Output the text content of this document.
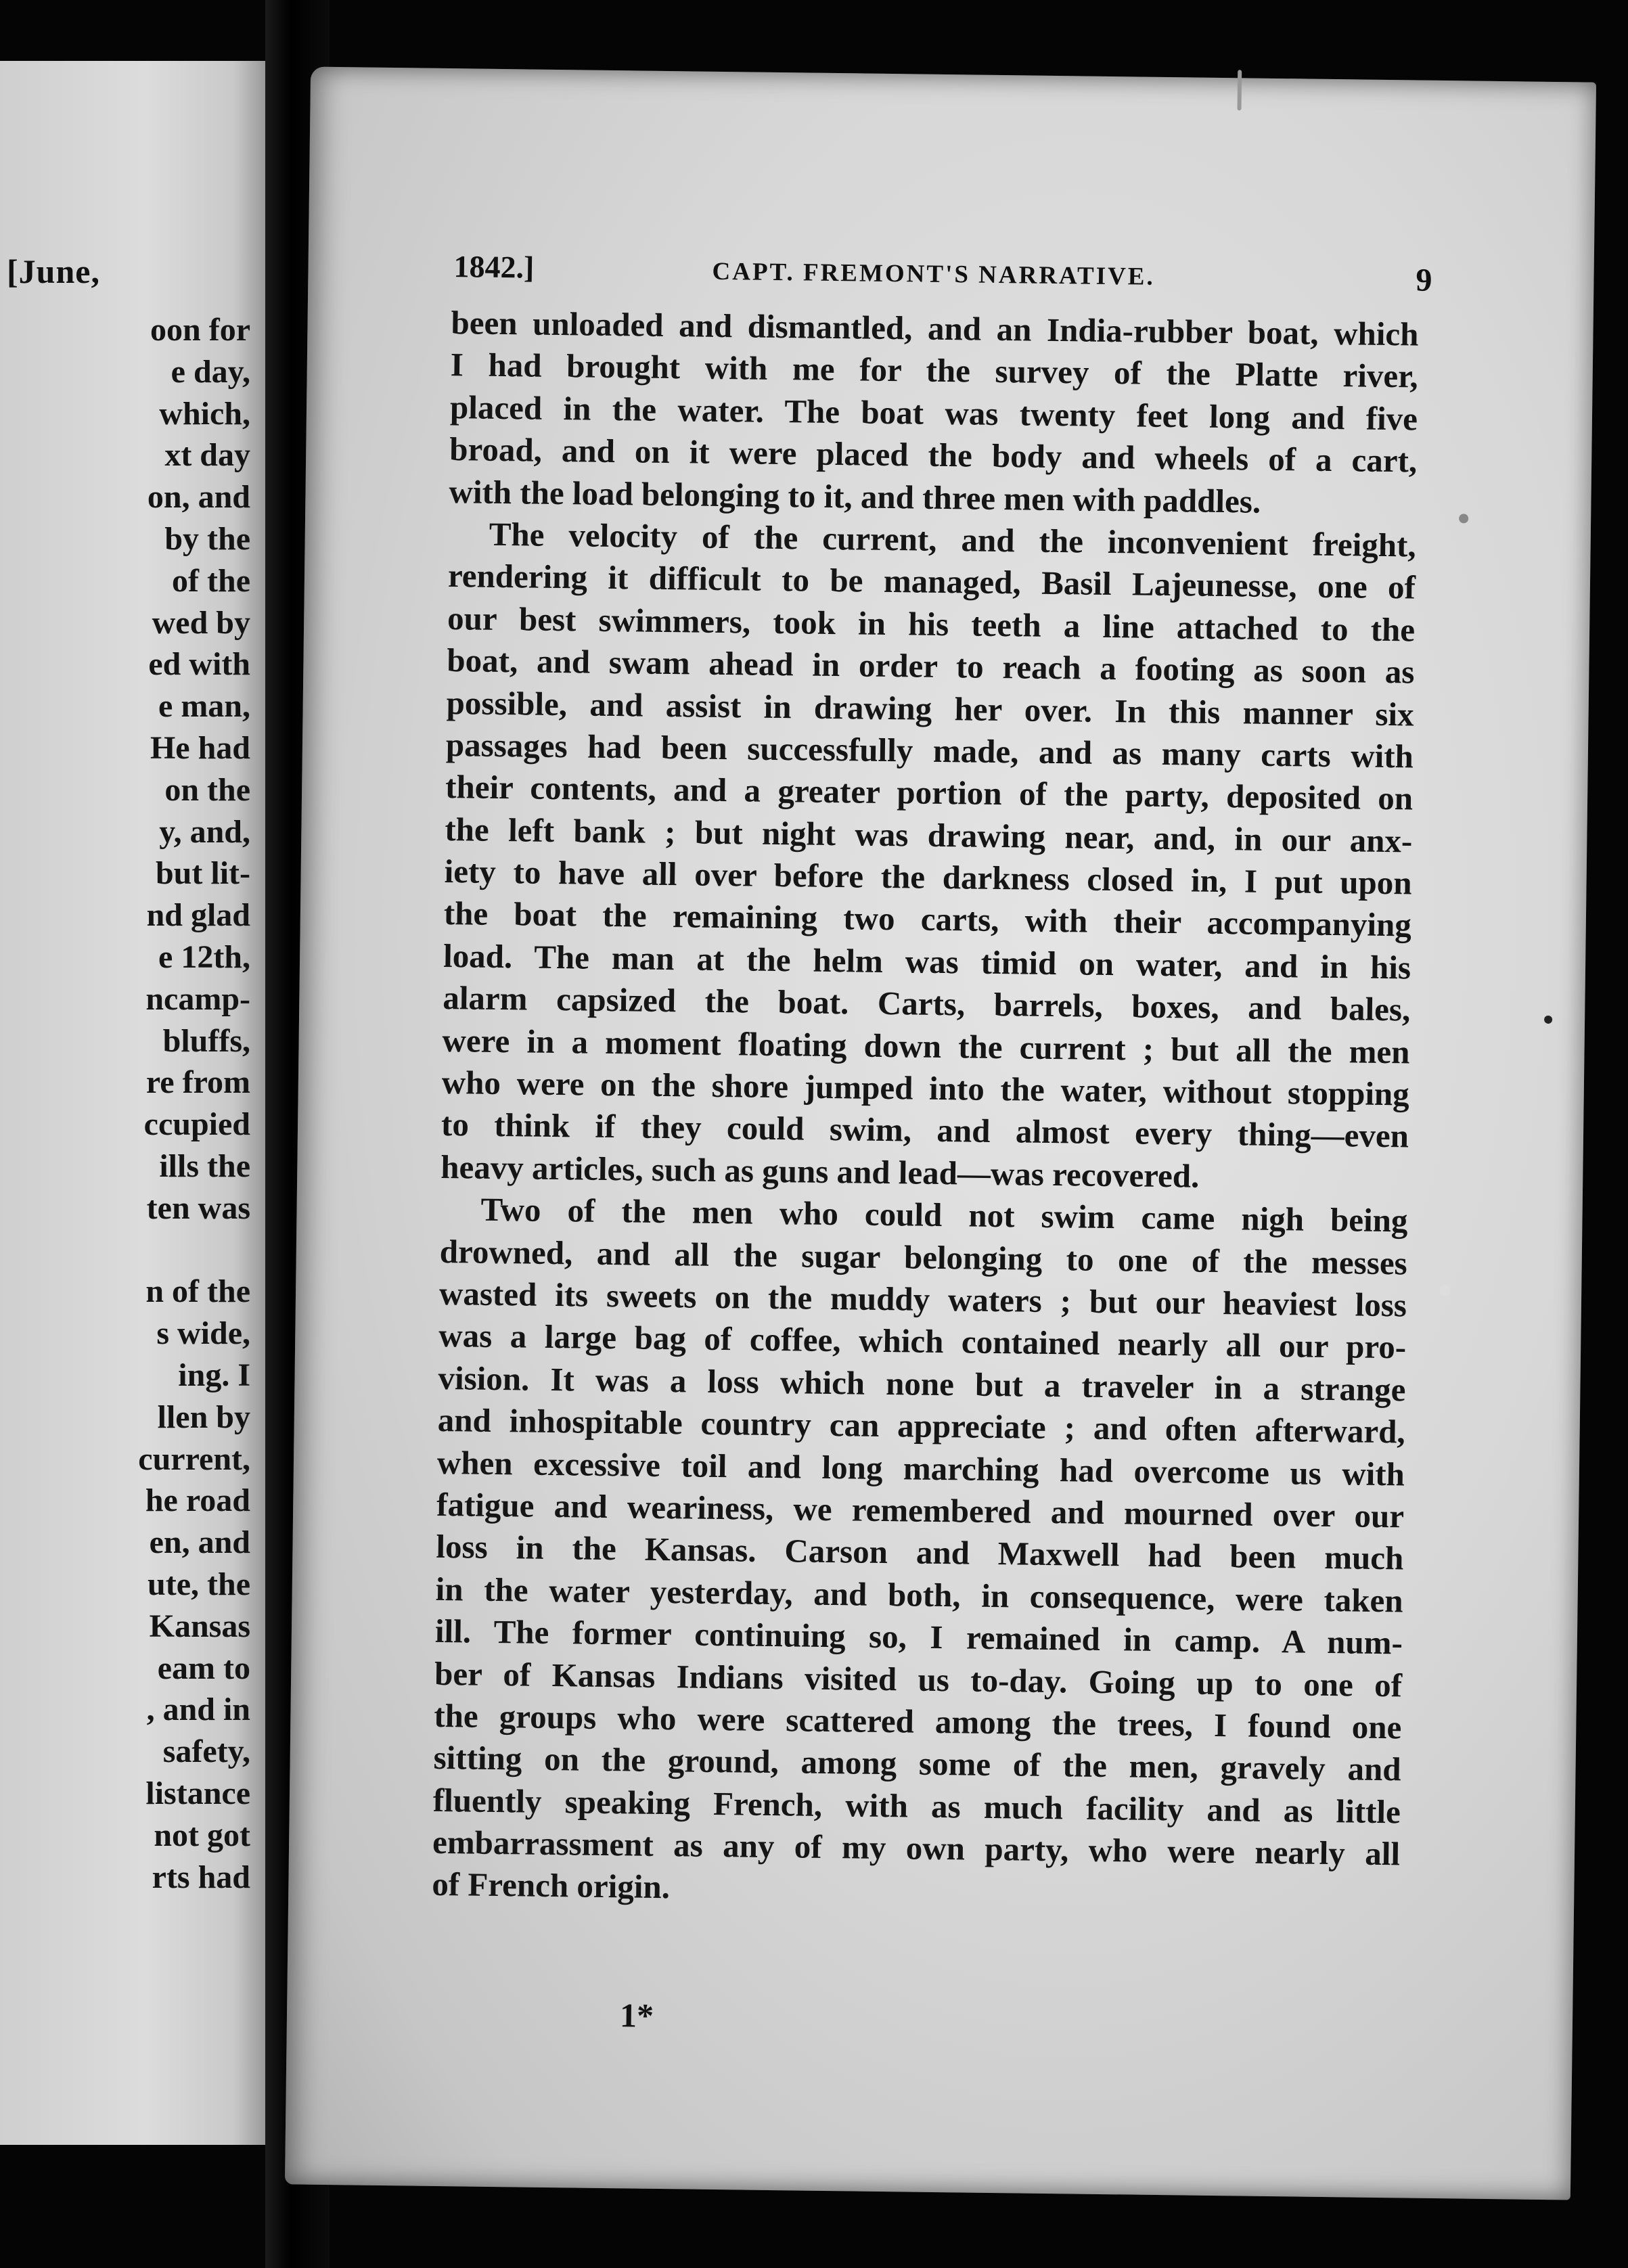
[June,
oon for
e day,
which,
xt day
on, and
by the
of the
wed by
ed with
e man,
He had
on the
y, and,
but lit-
nd glad
e 12th,
ncamp-
bluffs,
re from
ccupied
ills the
ten was
n of the
s wide,
ing. I
llen by
current,
he road
en, and
ute, the
Kansas
eam to
, and in
safety,
listance
not got
rts had
1842.]	CAPT. FREMONT'S NARRATIVE.	9
been unloaded and dismantled, and an India-rubber boat, which
I had brought with me for the survey of the Platte river,
placed in the water. The boat was twenty feet long and five
broad, and on it were placed the body and wheels of a cart,
with the load belonging to it, and three men with paddles.
The velocity of the current, and the inconvenient freight,
rendering it difficult to be managed, Basil Lajeunesse, one of
our best swimmers, took in his teeth a line attached to the
boat, and swam ahead in order to reach a footing as soon as
possible, and assist in drawing her over. In this manner six
passages had been successfully made, and as many carts with
their contents, and a greater portion of the party, deposited on
the left bank ; but night was drawing near, and, in our anx-
iety to have all over before the darkness closed in, I put upon
the boat the remaining two carts, with their accompanying
load. The man at the helm was timid on water, and in his
alarm capsized the boat. Carts, barrels, boxes, and bales,
were in a moment floating down the current ; but all the men
who were on the shore jumped into the water, without stopping
to think if they could swim, and almost every thing—even
heavy articles, such as guns and lead—was recovered.
Two of the men who could not swim came nigh being
drowned, and all the sugar belonging to one of the messes
wasted its sweets on the muddy waters ; but our heaviest loss
was a large bag of coffee, which contained nearly all our pro-
vision. It was a loss which none but a traveler in a strange
and inhospitable country can appreciate ; and often afterward,
when excessive toil and long marching had overcome us with
fatigue and weariness, we remembered and mourned over our
loss in the Kansas. Carson and Maxwell had been much
in the water yesterday, and both, in consequence, were taken
ill. The former continuing so, I remained in camp. A num-
ber of Kansas Indians visited us to-day. Going up to one of
the groups who were scattered among the trees, I found one
sitting on the ground, among some of the men, gravely and
fluently speaking French, with as much facility and as little
embarrassment as any of my own party, who were nearly all
of French origin.
1*
